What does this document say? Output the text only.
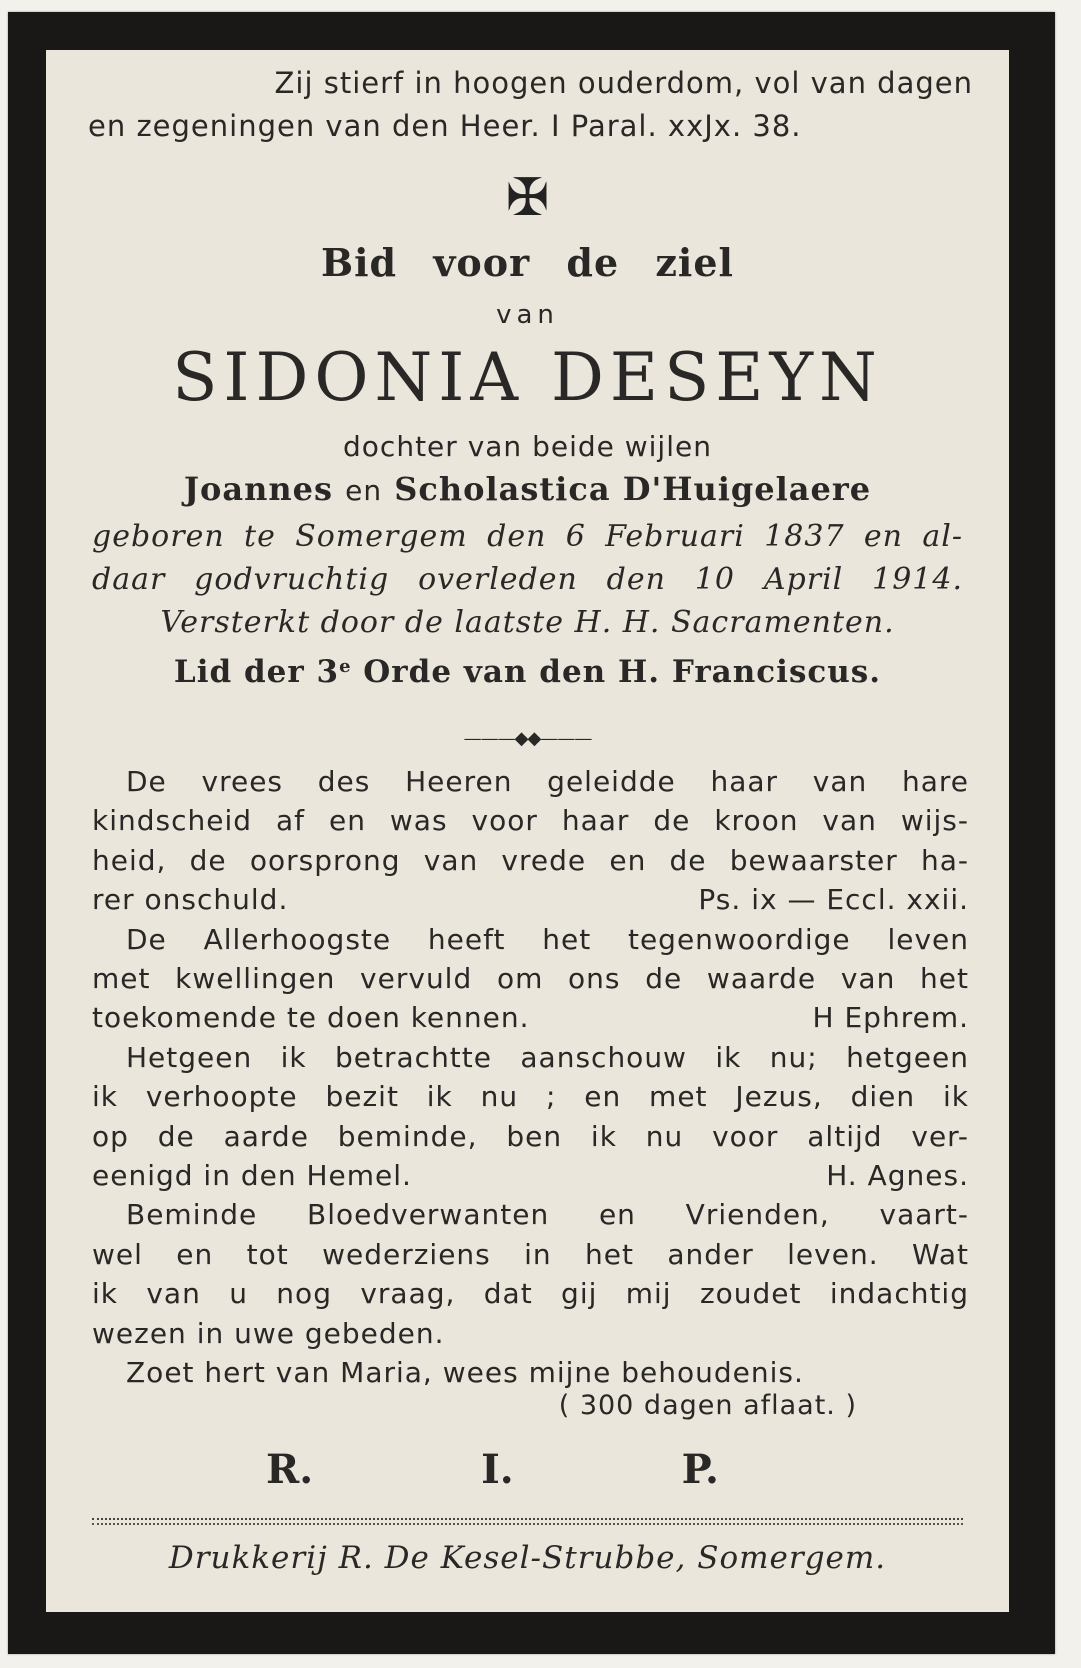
Zij stierf in hoogen ouderdom, vol van dagen
en zegeningen van den Heer. I Paral. xxJx. 38.
✠
Bid voor de ziel
van
SIDONIA DESEYN
dochter van beide wijlen
Joannes en Scholastica D'Huigelaere
geboren te Somergem den 6 Februari 1837 en al-
daar godvruchtig overleden den 10 April 1914.
Versterkt door de laatste H. H. Sacramenten.
Lid der 3e Orde van den H. Franciscus.
———◆◆———
De vrees des Heeren geleidde haar van hare
kindscheid af en was voor haar de kroon van wijs-
heid, de oorsprong van vrede en de bewaarster ha-
rer onschuld.	Ps. ix — Eccl. xxii.
De Allerhoogste heeft het tegenwoordige leven
met kwellingen vervuld om ons de waarde van het
toekomende te doen kennen.	H Ephrem.
Hetgeen ik betrachtte aanschouw ik nu; hetgeen
ik verhoopte bezit ik nu ; en met Jezus, dien ik
op de aarde beminde, ben ik nu voor altijd ver-
eenigd in den Hemel.	H. Agnes.
Beminde Bloedverwanten en Vrienden, vaart-
wel en tot wederziens in het ander leven. Wat
ik van u nog vraag, dat gij mij zoudet indachtig
wezen in uwe gebeden.
Zoet hert van Maria, wees mijne behoudenis.
( 300 dagen aflaat. )
R.	I.	P.
Drukkerij R. De Kesel-Strubbe, Somergem.
